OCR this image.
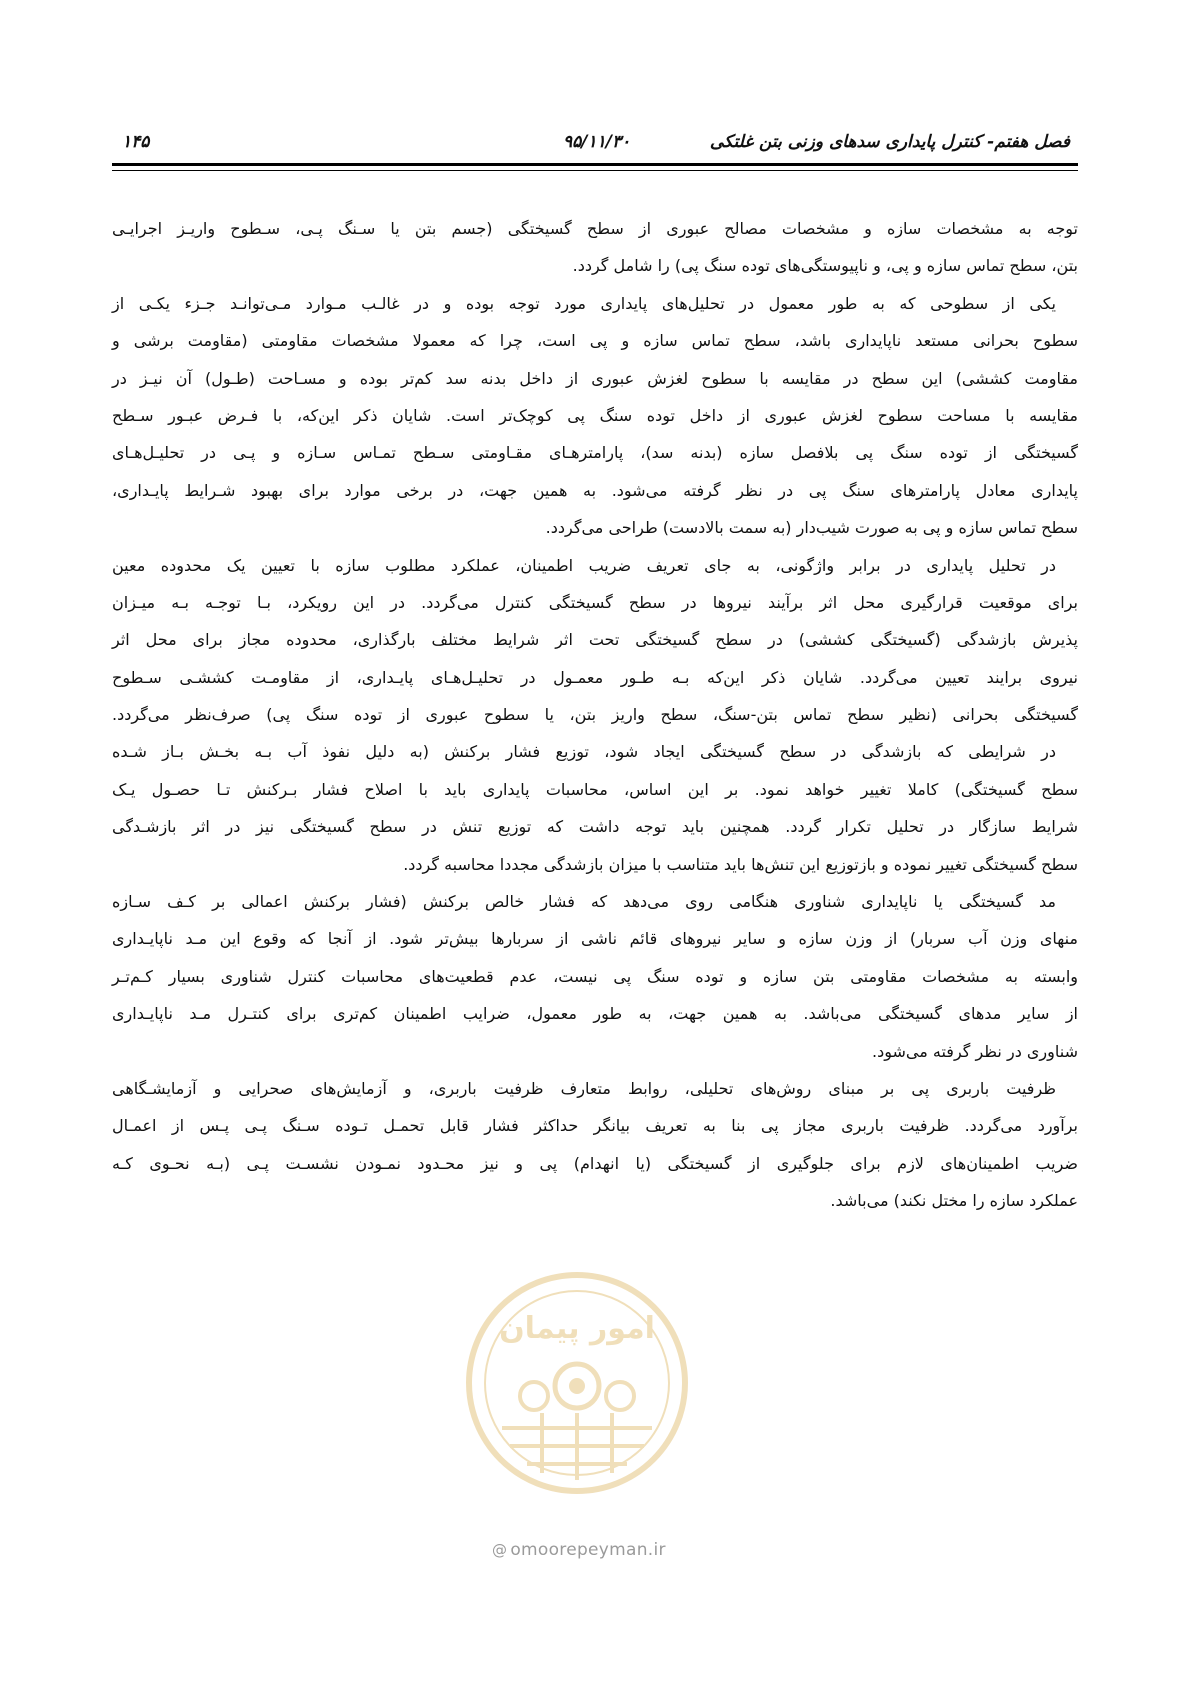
فصل هفتم- کنترل پایداری سدهای وزنی بتن غلتکی
۹۵/۱۱/۳۰
۱۴۵
توجه به مشخصات سازه و مشخصات مصالح عبوری از سطح گسیختگی (جسم بتن یا سـنگ پـی، سـطوح واریـز اجرایـی
بتن، سطح تماس سازه و پی، و ناپیوستگی‌های توده سنگ پی) را شامل گردد.
یکی از سطوحی که به طور معمول در تحلیل‌های پایداری مورد توجه بوده و در غالـب مـوارد مـی‌توانـد جـزء یکـی از
سطوح بحرانی مستعد ناپایداری باشد، سطح تماس سازه و پی است، چرا که معمولا مشخصات مقاومتی (مقاومت برشی و
مقاومت کششی) این سطح در مقایسه با سطوح لغزش عبوری از داخل بدنه سد کم‌تر بوده و مسـاحت (طـول) آن نیـز در
مقایسه با مساحت سطوح لغزش عبوری از داخل توده سنگ پی کوچک‌تر است. شایان ذکر این‌که، با فـرض عبـور سـطح
گسیختگی از توده سنگ پی بلافصل سازه (بدنه سد)، پارامترهـای مقـاومتی سـطح تمـاس سـازه و پـی در تحلیـل‌هـای
پایداری معادل پارامترهای سنگ پی در نظر گرفته می‌شود. به همین جهت، در برخی موارد برای بهبود شـرایط پایـداری،
سطح تماس سازه و پی به صورت شیب‌دار (به سمت بالادست) طراحی می‌گردد.
در تحلیل پایداری در برابر واژگونی، به جای تعریف ضریب اطمینان، عملکرد مطلوب سازه با تعیین یک محدوده معین
برای موقعیت قرارگیری محل اثر برآیند نیروها در سطح گسیختگی کنترل می‌گردد. در این رویکرد، بـا توجـه بـه میـزان
پذیرش بازشدگی (گسیختگی کششی) در سطح گسیختگی تحت اثر شرایط مختلف بارگذاری، محدوده مجاز برای محل اثر
نیروی برایند تعیین می‌گردد. شایان ذکر این‌که بـه طـور معمـول در تحلیـل‌هـای پایـداری، از مقاومـت کششـی سـطوح
گسیختگی بحرانی (نظیر سطح تماس بتن-سنگ، سطح واریز بتن، یا سطوح عبوری از توده سنگ پی) صرف‌نظر می‌گردد.
در شرایطی که بازشدگی در سطح گسیختگی ایجاد شود، توزیع فشار برکنش (به دلیل نفوذ آب بـه بخـش بـاز شـده
سطح گسیختگی) کاملا تغییر خواهد نمود. بر این اساس، محاسبات پایداری باید با اصلاح فشار بـرکنش تـا حصـول یـک
شرایط سازگار در تحلیل تکرار گردد. همچنین باید توجه داشت که توزیع تنش در سطح گسیختگی نیز در اثر بازشـدگی
سطح گسیختگی تغییر نموده و بازتوزیع این تنش‌ها باید متناسب با میزان بازشدگی مجددا محاسبه گردد.
مد گسیختگی یا ناپایداری شناوری هنگامی روی می‌دهد که فشار خالص برکنش (فشار برکنش اعمالی بر کـف سـازه
منهای وزن آب سربار) از وزن سازه و سایر نیروهای قائم ناشی از سربارها بیش‌تر شود. از آنجا که وقوع این مـد ناپایـداری
وابسته به مشخصات مقاومتی بتن سازه و توده سنگ پی نیست، عدم قطعیت‌های محاسبات کنترل شناوری بسیار کـم‌تـر
از سایر مدهای گسیختگی می‌باشد. به همین جهت، به طور معمول، ضرایب اطمینان کم‌تری برای کنتـرل مـد ناپایـداری
شناوری در نظر گرفته می‌شود.
ظرفیت باربری پی بر مبنای روش‌های تحلیلی، روابط متعارف ظرفیت باربری، و آزمایش‌های صحرایی و آزمایشـگاهی
برآورد می‌گردد. ظرفیت باربری مجاز پی بنا به تعریف بیانگر حداکثر فشار قابل تحمـل تـوده سـنگ پـی پـس از اعمـال
ضریب اطمینان‌های لازم برای جلوگیری از گسیختگی (یا انهدام) پی و نیز محـدود نمـودن نشسـت پـی (بـه نحـوی کـه
عملکرد سازه را مختل نکند) می‌باشد.
امور پیمان
@ omoorepeyman.ir
